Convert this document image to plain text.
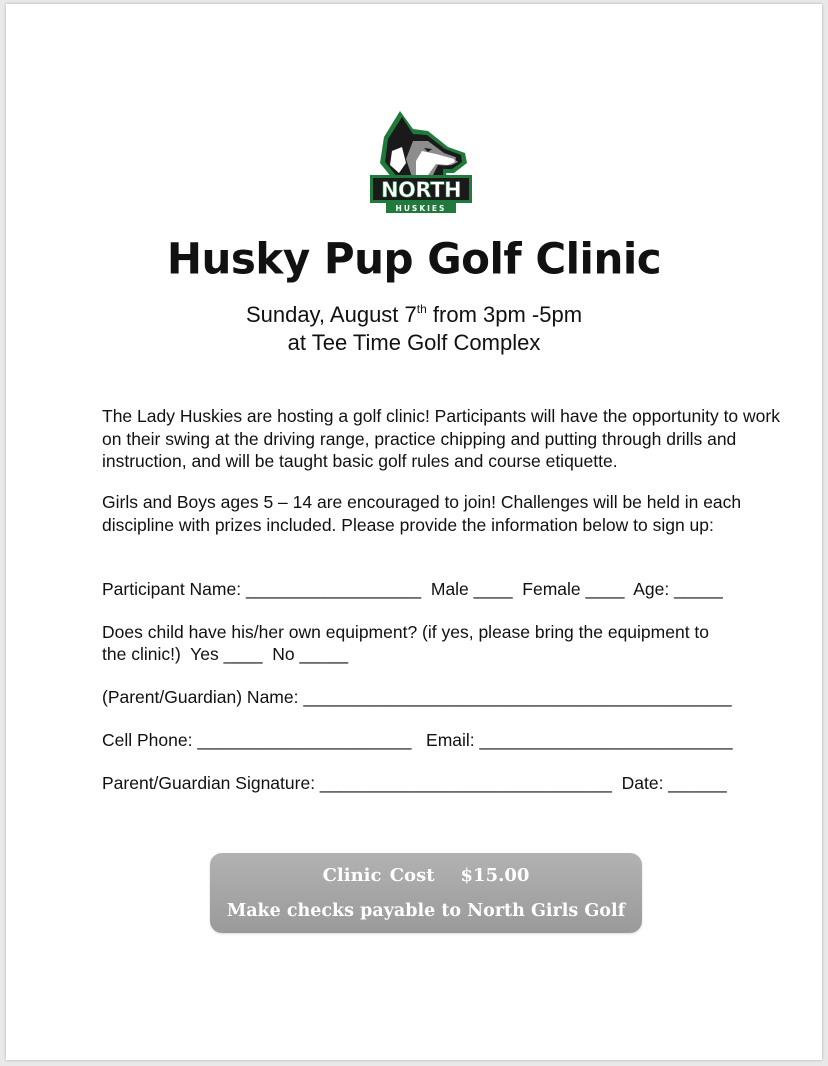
NORTH
HUSKIES
Husky Pup Golf Clinic
Sunday, August 7th from 3pm -5pm
at Tee Time Golf Complex
The Lady Huskies are hosting a golf clinic! Participants will have the opportunity to work on their swing at the driving range, practice chipping and putting through drills and instruction, and will be taught basic golf rules and course etiquette.
Girls and Boys ages 5 – 14 are encouraged to join! Challenges will be held in each discipline with prizes included. Please provide the information below to sign up:
Participant Name: __________________  Male ____  Female ____  Age: _____
Does child have his/her own equipment? (if yes, please bring the equipment to
the clinic!)  Yes ____  No _____
(Parent/Guardian) Name: ____________________________________________
Cell Phone: ______________________   Email: __________________________
Parent/Guardian Signature: ______________________________  Date: ______
Clinic Cost $15.00
Make checks payable to North Girls Golf
